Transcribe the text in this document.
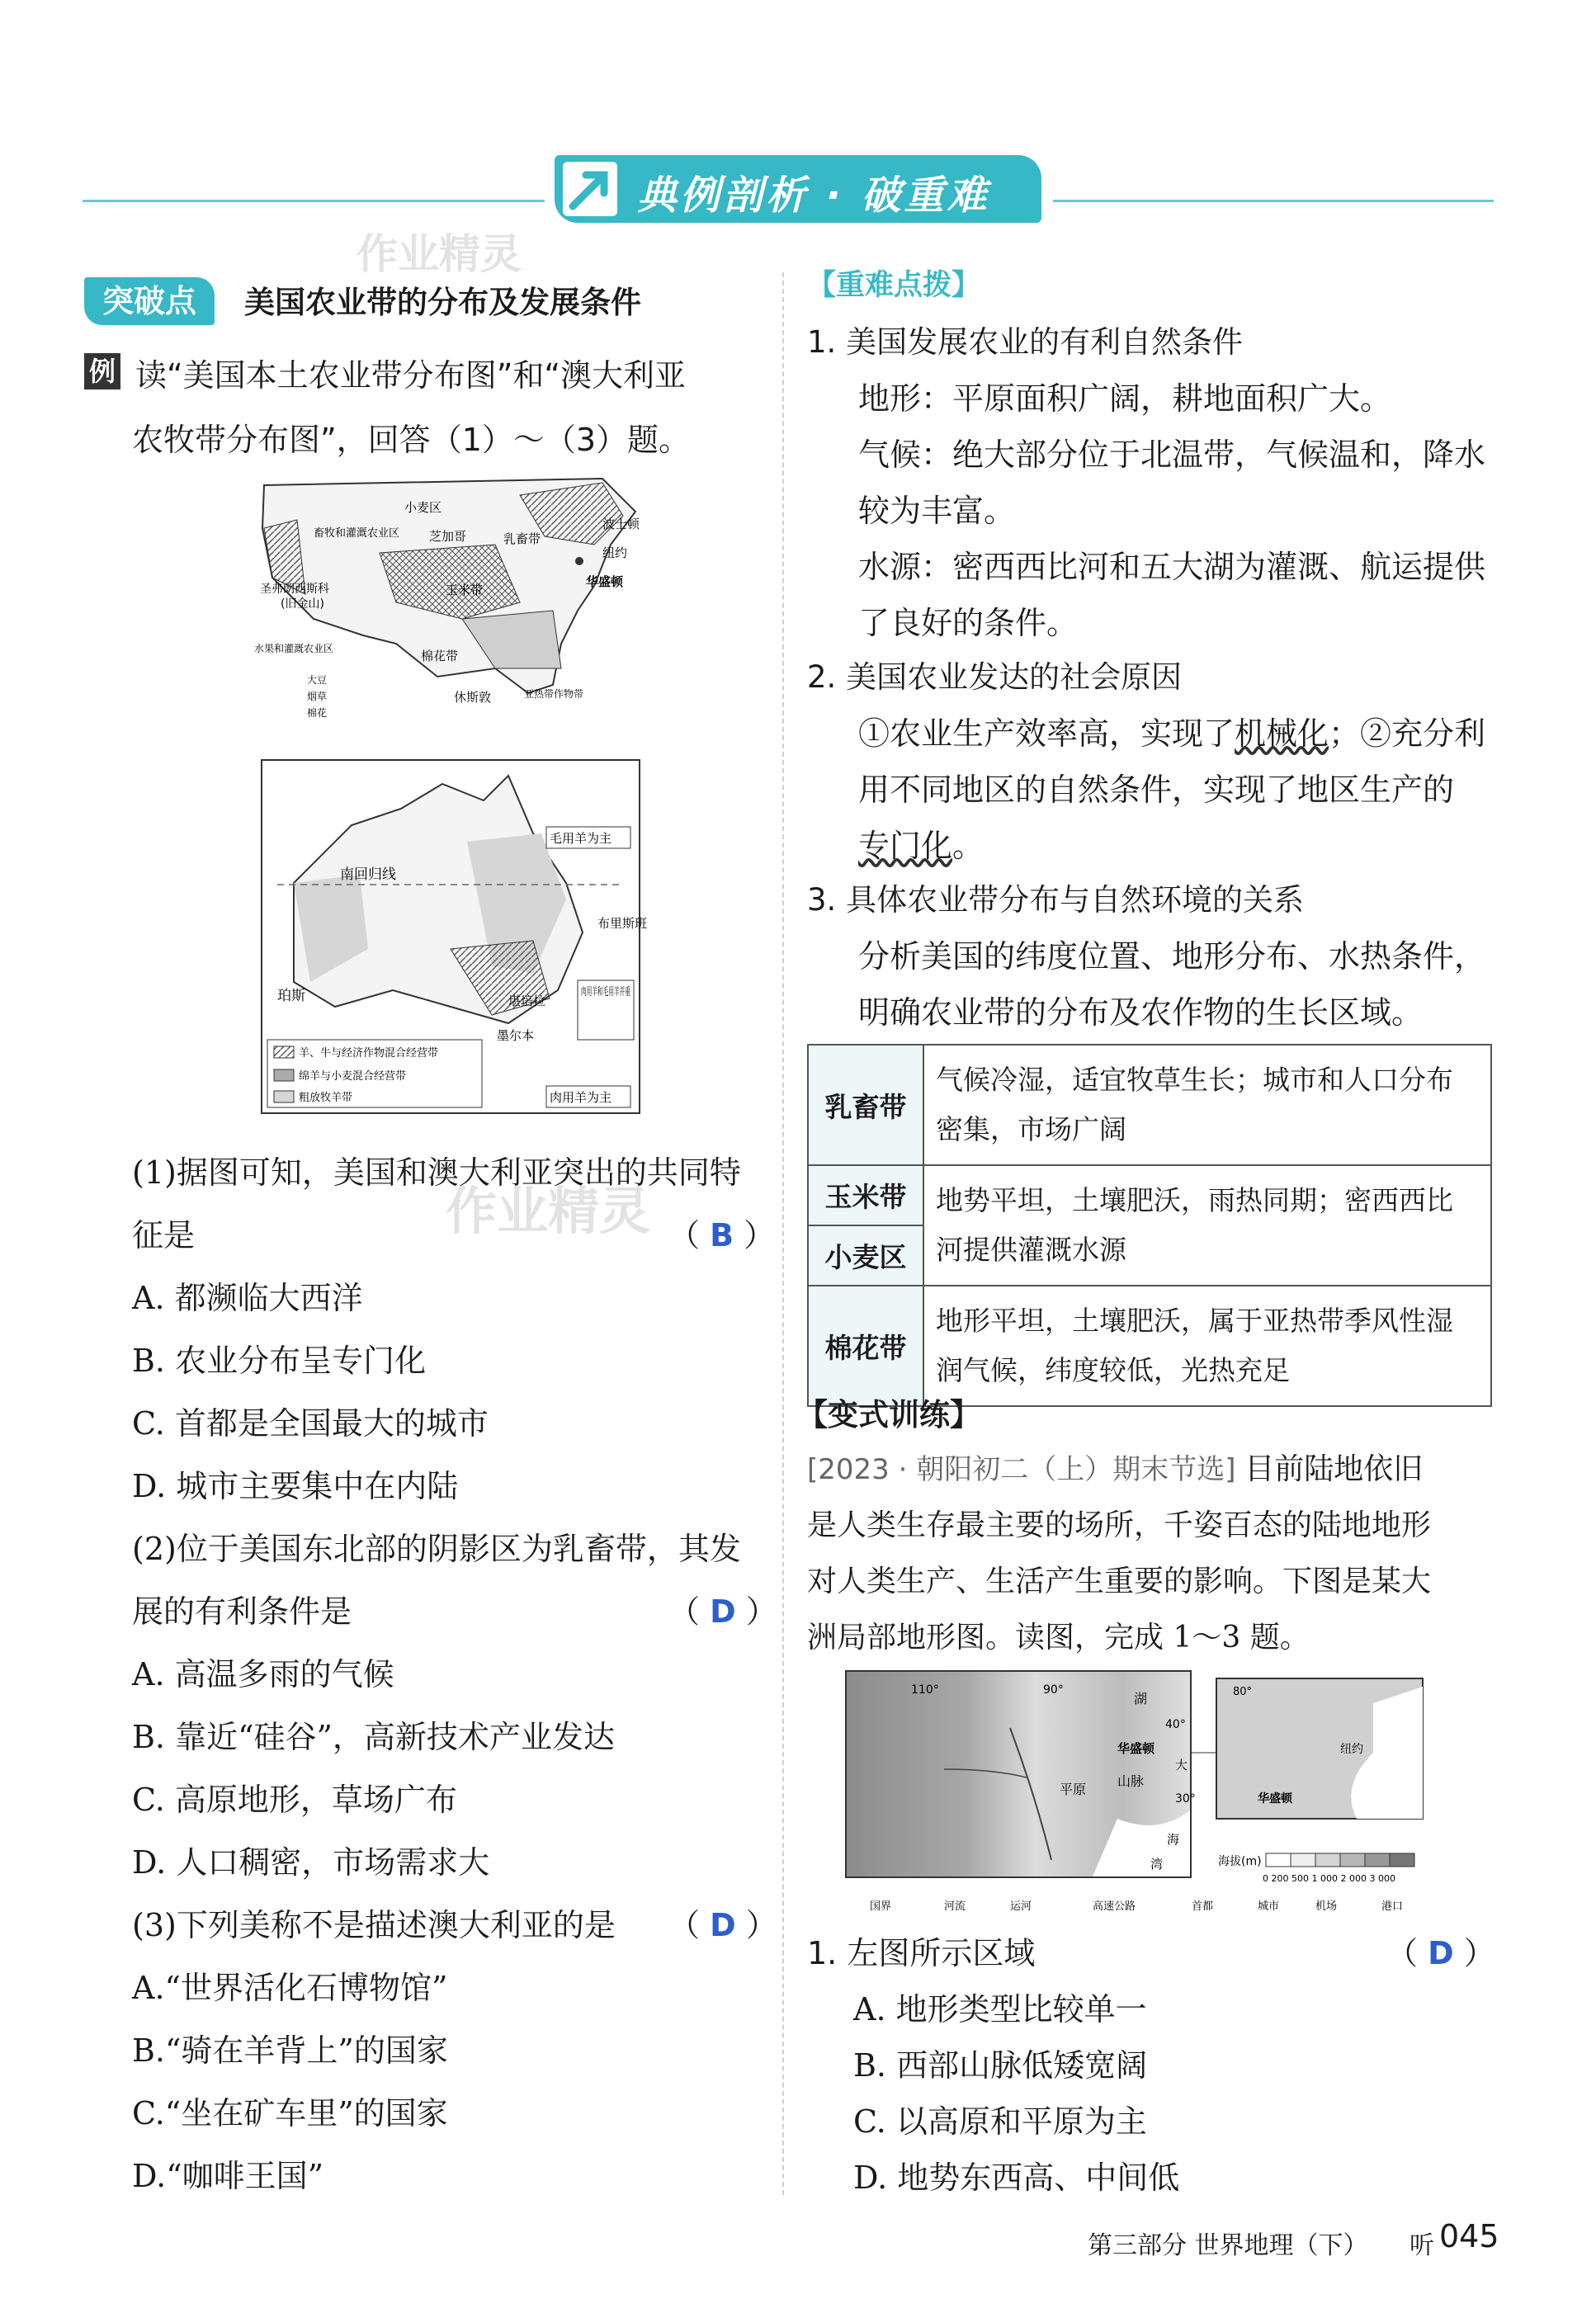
典例剖析 · 破重难
作业精灵
突破点	美国农业带的分布及发展条件
例 读“美国本土农业带分布图”和“澳大利亚
农牧带分布图”，回答（1）～（3）题。
畜牧和灌溉农业区
小麦区
芝加哥	乳畜带
波士顿
纽约
华盛顿
圣弗朗西斯科
(旧金山)
水果和灌溉农业区
玉米带
棉花带
休斯敦	亚热带作物带
大豆
烟草
棉花
南回归线
毛用羊为主
布里斯班
珀斯	堪培拉
墨尔本
肉用羊和毛用羊并重
肉用羊为主
羊、牛与经济作物混合经营带
绵羊与小麦混合经营带
粗放牧羊带
(1)据图可知，美国和澳大利亚突出的共同特
征是	（ B ）
A. 都濒临大西洋
B. 农业分布呈专门化
C. 首都是全国最大的城市
D. 城市主要集中在内陆
作业精灵
(2)位于美国东北部的阴影区为乳畜带，其发
展的有利条件是	（ D ）
A. 高温多雨的气候
B. 靠近“硅谷”，高新技术产业发达
C. 高原地形，草场广布
D. 人口稠密，市场需求大
(3)下列美称不是描述澳大利亚的是 （ D ）
A.“世界活化石博物馆”
B.“骑在羊背上”的国家
C.“坐在矿车里”的国家
D.“咖啡王国”
【重难点拨】
1. 美国发展农业的有利自然条件
地形：平原面积广阔，耕地面积广大。
气候：绝大部分位于北温带，气候温和，降水
较为丰富。
水源：密西西比河和五大湖为灌溉、航运提供
了良好的条件。
2. 美国农业发达的社会原因
①农业生产效率高，实现了机械化；②充分利
用不同地区的自然条件，实现了地区生产的
专门化。
3. 具体农业带分布与自然环境的关系
分析美国的纬度位置、地形分布、水热条件，
明确农业带的分布及农作物的生长区域。
乳畜带	气候冷湿，适宜牧草生长；城市和人口分布密集，市场广阔
玉米带	地势平坦，土壤肥沃，雨热同期；密西西比河提供灌溉水源
小麦区	
棉花带	地形平坦，土壤肥沃，属于亚热带季风性湿润气候，纬度较低，光热充足
【变式训练】
[2023 · 朝阳初二（上）期末节选] 目前陆地依旧
是人类生存最主要的场所，千姿百态的陆地地形
对人类生产、生活产生重要的影响。下图是某大
洲局部地形图。读图，完成 1～3 题。
110°	90°
40°
30°
80°
湖
华盛顿
山脉
平原
大
海
湾
纽约
华盛顿
海拔(m)
0 200 500 1 000 2 000 3 000
国界	河流	运河	高速公路	首都	城市	机场	港口
1. 左图所示区域	（ D ）
A. 地形类型比较单一
B. 西部山脉低矮宽阔
C. 以高原和平原为主
D. 地势东西高、中间低
第三部分 世界地理（下） 听 045
